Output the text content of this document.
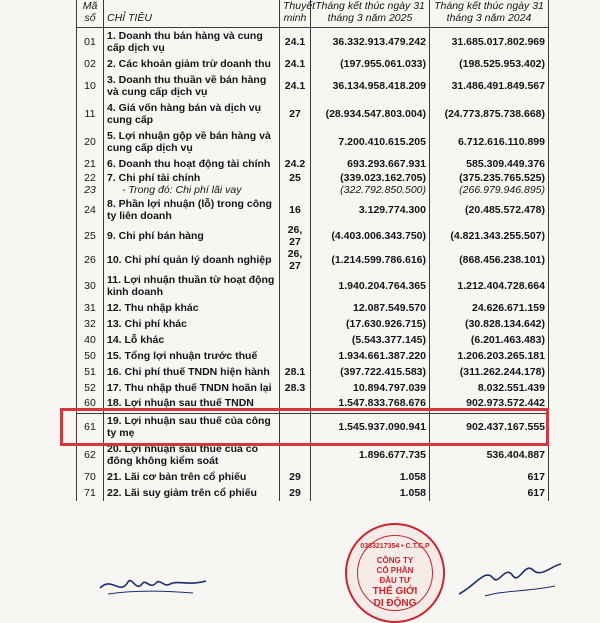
Mã số	CHỈ TIÊU	Thuyết minh	Tháng kết thúc ngày 31 tháng 3 năm 2025	Tháng kết thúc ngày 31 tháng 3 năm 2024
01	1. Doanh thu bán hàng và cung cấp dịch vụ	24.1	36.332.913.479.242	31.685.017.802.969
02	2. Các khoản giảm trừ doanh thu	24.1	(197.955.061.033)	(198.525.953.402)
10	3. Doanh thu thuần về bán hàng và cung cấp dịch vụ	24.1	36.134.958.418.209	31.486.491.849.567
11	4. Giá vốn hàng bán và dịch vụ cung cấp	27	(28.934.547.803.004)	(24.773.875.738.668)
20	5. Lợi nhuận gộp về bán hàng và cung cấp dịch vụ		7.200.410.615.205	6.712.616.110.899
21	6. Doanh thu hoạt động tài chính	24.2	693.293.667.931	585.309.449.376
22	7. Chi phí tài chính	25	(339.023.162.705)	(375.235.765.525)
23	- Trong đó: Chi phí lãi vay		(322.792.850.500)	(266.979.946.895)
24	8. Phần lợi nhuận (lỗ) trong công ty liên doanh	16	3.129.774.300	(20.485.572.478)
25	9. Chi phí bán hàng	26, 27	(4.403.006.343.750)	(4.821.343.255.507)
26	10. Chi phí quản lý doanh nghiệp	26, 27	(1.214.599.786.616)	(868.456.238.101)
30	11. Lợi nhuận thuần từ hoạt động kinh doanh		1.940.204.764.365	1.212.404.728.664
31	12. Thu nhập khác		12.087.549.570	24.626.671.159
32	13. Chi phí khác		(17.630.926.715)	(30.828.134.642)
40	14. Lỗ khác		(5.543.377.145)	(6.201.463.483)
50	15. Tổng lợi nhuận trước thuế		1.934.661.387.220	1.206.203.265.181
51	16. Chi phí thuế TNDN hiện hành	28.1	(397.722.415.583)	(311.262.244.178)
52	17. Thu nhập thuế TNDN hoãn lại	28.3	10.894.797.039	8.032.551.439
60	18. Lợi nhuận sau thuế TNDN		1.547.833.768.676	902.973.572.442

61	19. Lợi nhuận sau thuế của công ty mẹ		1.545.937.090.941	902.437.167.555
62	20. Lợi nhuận sau thuế của cổ đông không kiểm soát		1.896.677.735	536.404.887
70	21. Lãi cơ bản trên cổ phiếu	29	1.058	617
71	22. Lãi suy giảm trên cổ phiếu	29	1.058	617
0303217354 • C.T.C.P
CÔNG TY
CỔ PHẦN
ĐẦU TƯ
THẾ GIỚI
DI ĐỘNG
